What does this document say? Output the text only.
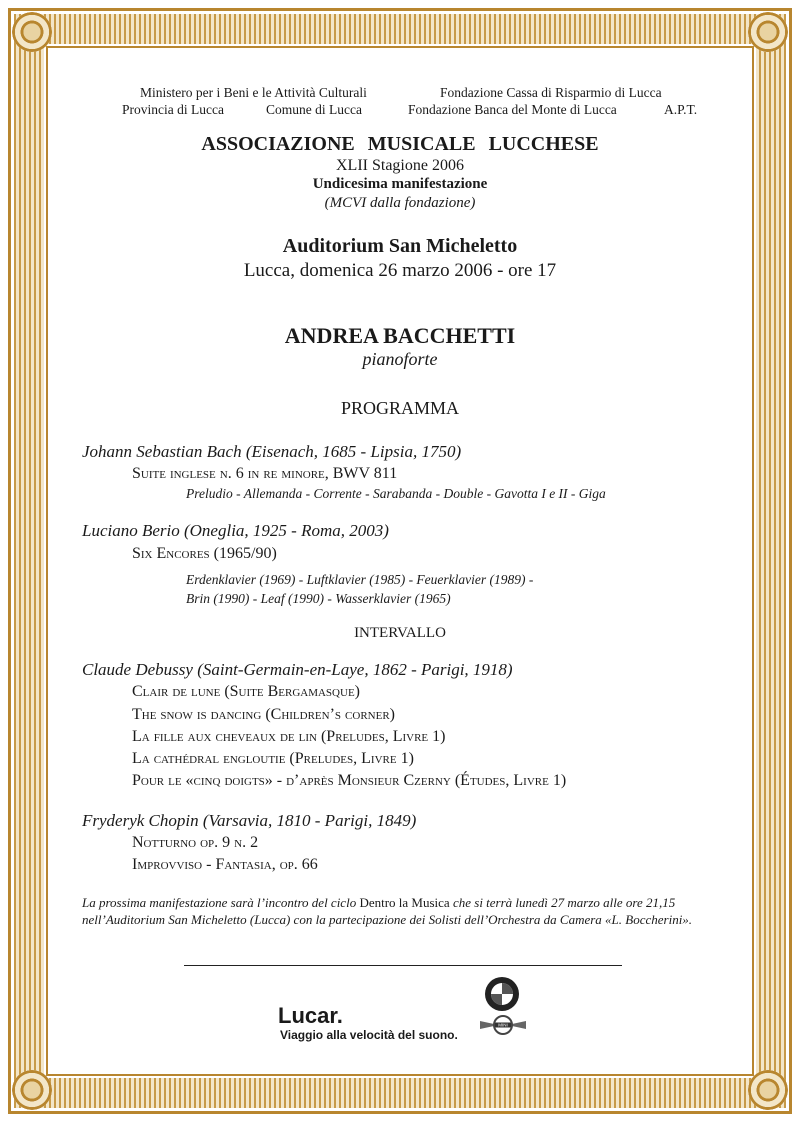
Ministero per i Beni e le Attività Culturali	Fondazione Cassa di Risparmio di Lucca
Provincia di Lucca	Comune di Lucca	Fondazione Banca del Monte di Lucca	A.P.T.
ASSOCIAZIONE MUSICALE LUCCHESE
XLII Stagione 2006
Undicesima manifestazione
(MCVI dalla fondazione)
Auditorium San Micheletto
Lucca, domenica 26 marzo 2006 - ore 17
ANDREA BACCHETTI
pianoforte
PROGRAMMA
Johann Sebastian Bach (Eisenach, 1685 - Lipsia, 1750)
Suite inglese n. 6 in re minore, BWV 811
Preludio - Allemanda - Corrente - Sarabanda - Double - Gavotta I e II - Giga
Luciano Berio (Oneglia, 1925 - Roma, 2003)
Six Encores (1965/90)
Erdenklavier (1969) - Luftklavier (1985) - Feuerklavier (1989) -
Brin (1990) - Leaf (1990) - Wasserklavier (1965)
INTERVALLO
Claude Debussy (Saint-Germain-en-Laye, 1862 - Parigi, 1918)
Clair de lune (Suite Bergamasque)
The snow is dancing (Children’s corner)
La fille aux cheveaux de lin (Preludes, Livre 1)
La cathédral engloutie (Preludes, Livre 1)
Pour le «cinq doigts» - d’après Monsieur Czerny (Études, Livre 1)
Fryderyk Chopin (Varsavia, 1810 - Parigi, 1849)
Notturno op. 9 n. 2
Improvviso - Fantasia, op. 66
La prossima manifestazione sarà l’incontro del ciclo Dentro la Musica che si terrà lunedì 27 marzo alle ore 21,15 nell’Auditorium San Micheletto (Lucca) con la partecipazione dei Solisti dell’Orchestra da Camera «L. Boccherini».
Lucar.
Viaggio alla velocità del suono.
MINI
